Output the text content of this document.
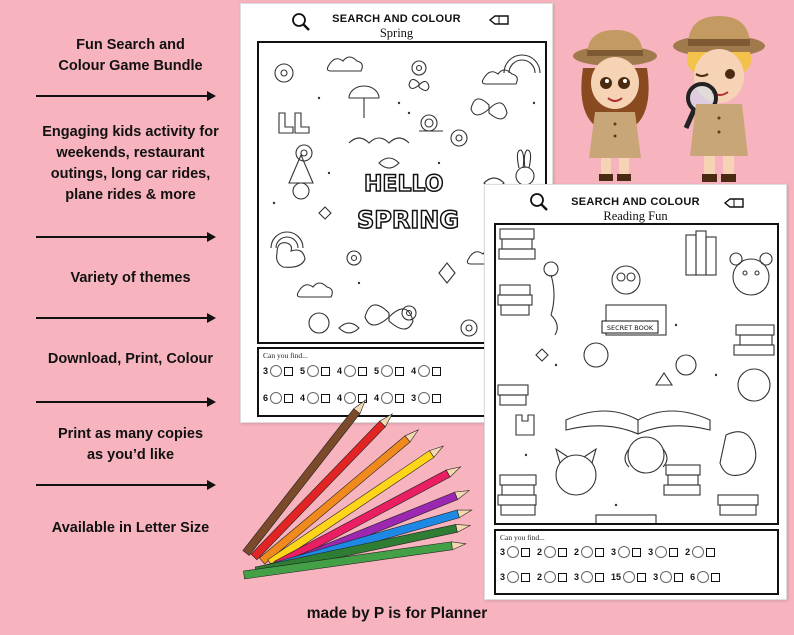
Fun Search and
Colour Game Bundle
Engaging kids activity for
weekends, restaurant
outings, long car rides,
plane rides & more
Variety of themes
Download, Print, Colour
Print as many copies
as you’d like
Available in Letter Size
SEARCH AND COLOUR
Spring
HELLO
SPRING
Can you find...
3	5	4	5	4
6	4	4	4	3
SEARCH AND COLOUR
Reading Fun
SECRET BOOK
Can you find...
3	2	2	3	3	2
3	2	3	15	3	6
made by P is for Planner
